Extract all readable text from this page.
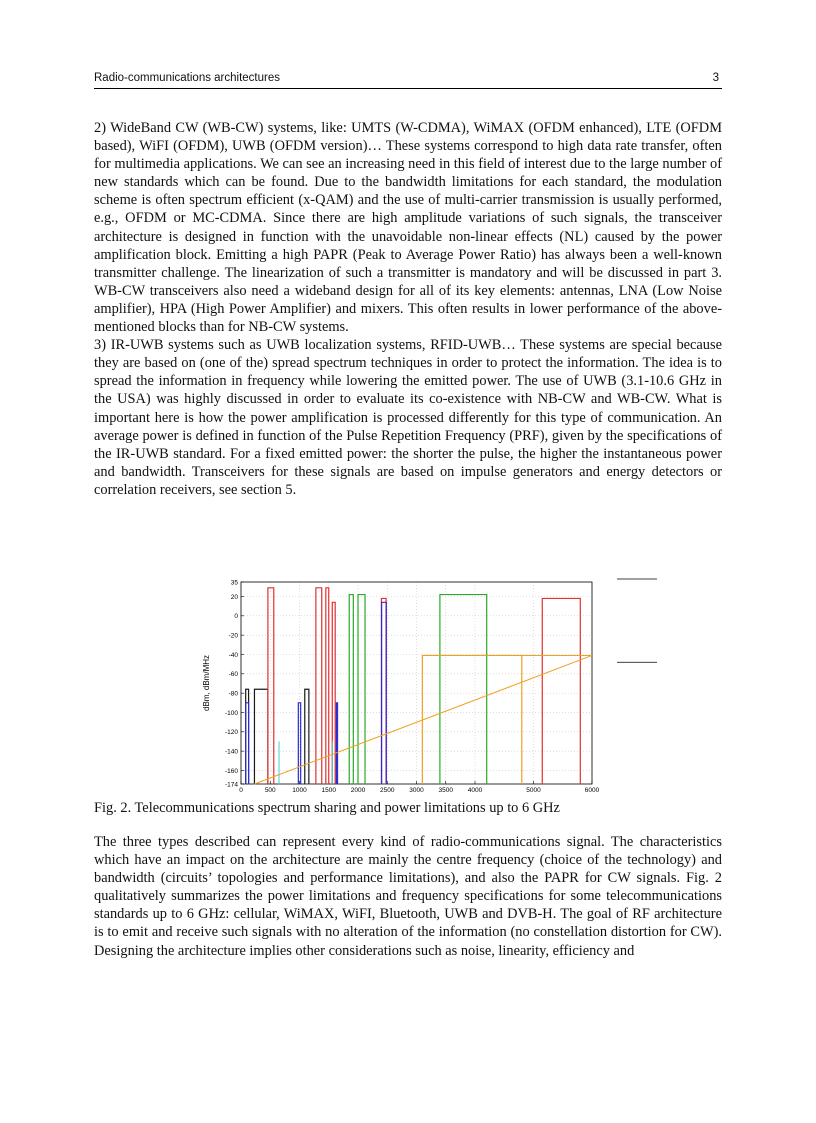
Radio-communications architectures	3

2) WideBand CW (WB-CW) systems, like: UMTS (W-CDMA), WiMAX (OFDM enhanced), LTE (OFDM based), WiFI (OFDM), UWB (OFDM version)… These systems correspond to high data rate transfer, often for multimedia applications. We can see an increasing need in this field of interest due to the large number of new standards which can be found. Due to the bandwidth limitations for each standard, the modulation scheme is often spectrum efficient (x-QAM) and the use of multi-carrier transmission is usually performed, e.g., OFDM or MC-CDMA. Since there are high amplitude variations of such signals, the transceiver architecture is designed in function with the unavoidable non-linear effects (NL) caused by the power amplification block. Emitting a high PAPR (Peak to Average Power Ratio) has always been a well-known transmitter challenge. The linearization of such a transmitter is mandatory and will be discussed in part 3. WB-CW transceivers also need a wideband design for all of its key elements: antennas, LNA (Low Noise amplifier), HPA (High Power Amplifier) and mixers. This often results in lower performance of the above-mentioned blocks than for NB-CW systems.

3) IR-UWB systems such as UWB localization systems, RFID-UWB… These systems are special because they are based on (one of the) spread spectrum techniques in order to protect the information. The idea is to spread the information in frequency while lowering the emitted power. The use of UWB (3.1-10.6 GHz in the USA) was highly discussed in order to evaluate its co-existence with NB-CW and WB-CW. What is important here is how the power amplification is processed differently for this type of communication. An average power is defined in function of the Pulse Repetition Frequency (PRF), given by the specifications of the IR-UWB standard. For a fixed emitted power: the shorter the pulse, the higher the instantaneous power and bandwidth. Transceivers for these signals are based on impulse generators and energy detectors or correlation receivers, see section 5.

0	500	1000 1500 2000 2500 3000 3500 4000	5000	6000
35
20
0
-20
-40
-60
-80
-100
-120
-140
-160
-174
dBm, dBm/MHz
Fig. 2. Telecommunications spectrum sharing and power limitations up to 6 GHz
The three types described can represent every kind of radio-communications signal. The characteristics which have an impact on the architecture are mainly the centre frequency (choice of the technology) and bandwidth (circuits’ topologies and performance limitations), and also the PAPR for CW signals. Fig. 2 qualitatively summarizes the power limitations and frequency specifications for some telecommunications standards up to 6 GHz: cellular, WiMAX, WiFI, Bluetooth, UWB and DVB-H. The goal of RF architecture is to emit and receive such signals with no alteration of the information (no constellation distortion for CW). Designing the architecture implies other considerations such as noise, linearity, efficiency and
